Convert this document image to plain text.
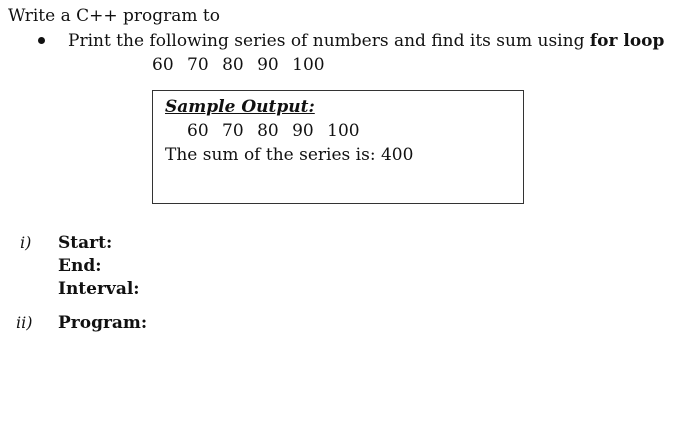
Write a C++ program to
Print the following series of numbers and find its sum using for loop
60 70 80 90 100
Sample Output:
60 70 80 90 100
The sum of the series is: 400
i) Start:
End:
Interval:
ii) Program:
